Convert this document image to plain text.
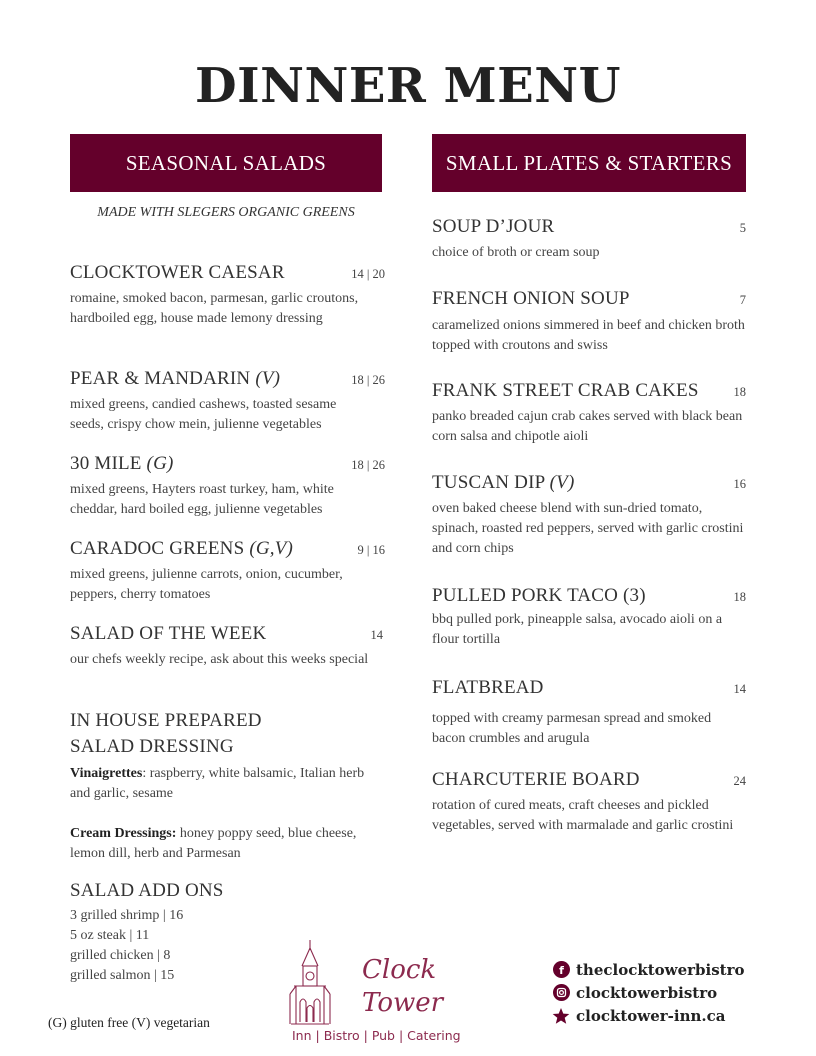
DINNER MENU
SEASONAL SALADS
MADE WITH SLEGERS ORGANIC GREENS
CLOCKTOWER CAESAR	14 | 20
romaine, smoked bacon, parmesan, garlic croutons, hardboiled egg, house made lemony dressing
PEAR & MANDARIN (V)	18 | 26
mixed greens, candied cashews, toasted sesame seeds, crispy chow mein, julienne vegetables
30 MILE (G)	18 | 26
mixed greens, Hayters roast turkey, ham, white cheddar, hard boiled egg, julienne vegetables
CARADOC GREENS (G,V)	9 | 16
mixed greens, julienne carrots, onion, cucumber, peppers, cherry tomatoes
SALAD OF THE WEEK	14
our chefs weekly recipe, ask about this weeks special
IN HOUSE PREPARED
SALAD DRESSING
Vinaigrettes: raspberry, white balsamic, Italian herb and garlic, sesame
Cream Dressings: honey poppy seed, blue cheese, lemon dill, herb and Parmesan
SALAD ADD ONS
3 grilled shrimp | 16
5 oz steak | 11
grilled chicken | 8
grilled salmon | 15
(G) gluten free (V) vegetarian
SMALL PLATES & STARTERS
SOUP D’JOUR	5
choice of broth or cream soup
FRENCH ONION SOUP	7
caramelized onions simmered in beef and chicken broth topped with croutons and swiss
FRANK STREET CRAB CAKES	18
panko breaded cajun crab cakes served with black bean corn salsa and chipotle aioli
TUSCAN DIP (V)	16
oven baked cheese blend with sun-dried tomato, spinach, roasted red peppers, served with garlic crostini and corn chips
PULLED PORK TACO (3)	18
bbq pulled pork, pineapple salsa, avocado aioli on a flour tortilla
FLATBREAD	14
topped with creamy parmesan spread and smoked bacon crumbles and arugula
CHARCUTERIE BOARD	24
rotation of cured meats, craft cheeses and pickled vegetables, served with marmalade and garlic crostini
Clock
Tower
Inn | Bistro | Pub | Catering
f theclocktowerbistro
clocktowerbistro
clocktower-inn.ca
